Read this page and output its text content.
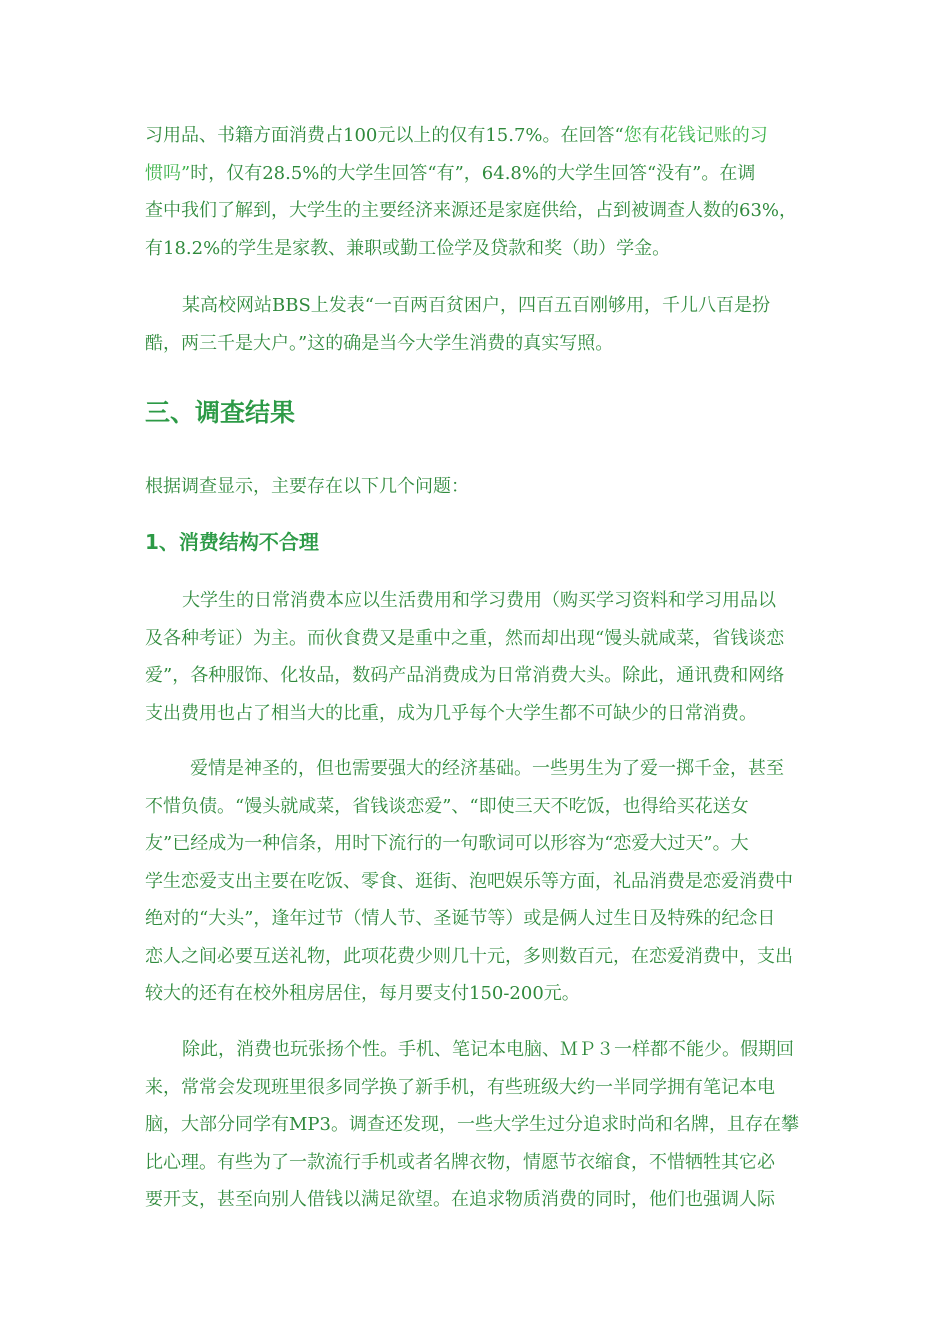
习用品、书籍方面消费占100元以上的仅有15.7%。在回答“您有花钱记账的习
惯吗”时，仅有28.5%的大学生回答“有”，64.8%的大学生回答“没有”。在调
查中我们了解到，大学生的主要经济来源还是家庭供给，占到被调查人数的63%，
有18.2%的学生是家教、兼职或勤工俭学及贷款和奖（助）学金。
某高校网站BBS上发表“一百两百贫困户，四百五百刚够用，千儿八百是扮
酷，两三千是大户。”这的确是当今大学生消费的真实写照。
三、调查结果
根据调查显示，主要存在以下几个问题：
1、消费结构不合理
大学生的日常消费本应以生活费用和学习费用（购买学习资料和学习用品以
及各种考证）为主。而伙食费又是重中之重，然而却出现“馒头就咸菜，省钱谈恋
爱”，各种服饰、化妆品，数码产品消费成为日常消费大头。除此，通讯费和网络
支出费用也占了相当大的比重，成为几乎每个大学生都不可缺少的日常消费。
爱情是神圣的，但也需要强大的经济基础。一些男生为了爱一掷千金，甚至
不惜负债。“馒头就咸菜，省钱谈恋爱”、“即使三天不吃饭，也得给买花送女
友”已经成为一种信条，用时下流行的一句歌词可以形容为“恋爱大过天”。大
学生恋爱支出主要在吃饭、零食、逛街、泡吧娱乐等方面，礼品消费是恋爱消费中
绝对的“大头”，逢年过节（情人节、圣诞节等）或是俩人过生日及特殊的纪念日
恋人之间必要互送礼物，此项花费少则几十元，多则数百元，在恋爱消费中，支出
较大的还有在校外租房居住，每月要支付150-200元。
除此，消费也玩张扬个性。手机、笔记本电脑、ＭＰ３一样都不能少。假期回
来，常常会发现班里很多同学换了新手机，有些班级大约一半同学拥有笔记本电
脑，大部分同学有MP3。调查还发现，一些大学生过分追求时尚和名牌，且存在攀
比心理。有些为了一款流行手机或者名牌衣物，情愿节衣缩食，不惜牺牲其它必
要开支，甚至向别人借钱以满足欲望。在追求物质消费的同时，他们也强调人际
